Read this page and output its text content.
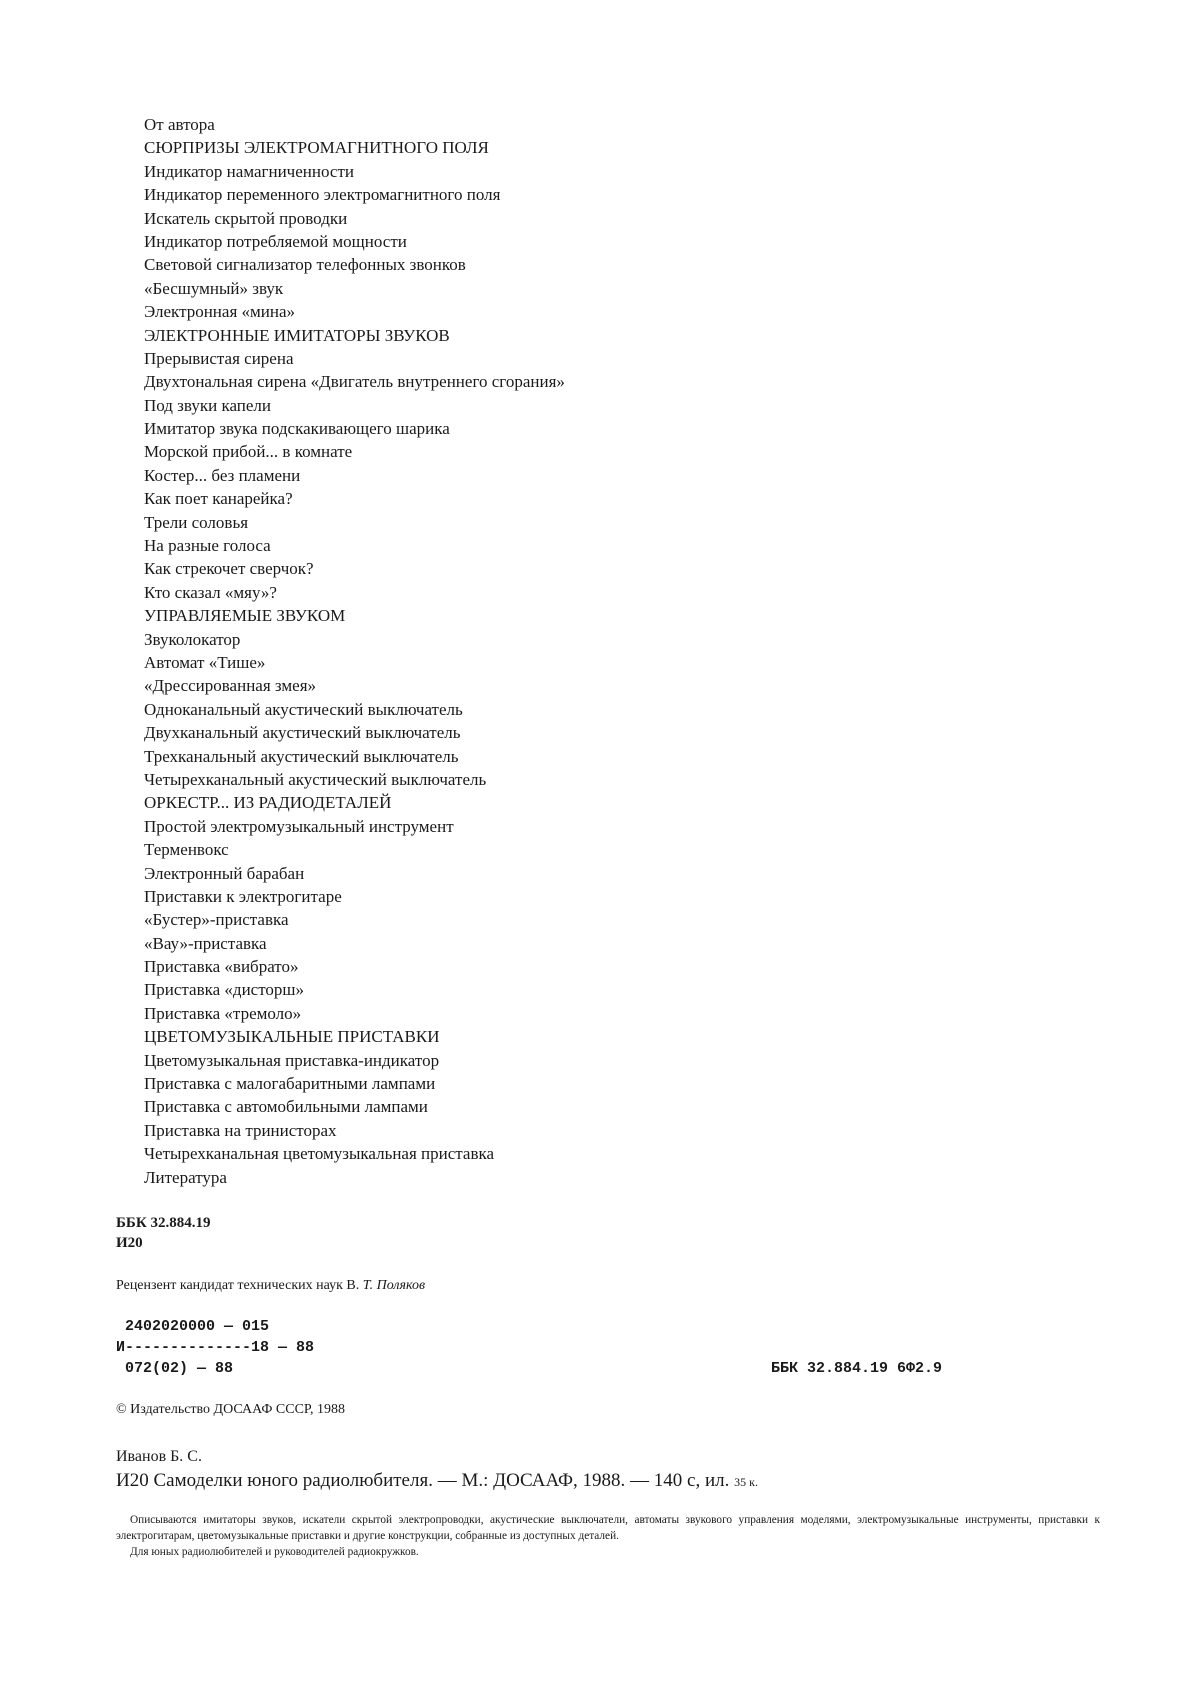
От автора
СЮРПРИЗЫ ЭЛЕКТРОМАГНИТНОГО ПОЛЯ
Индикатор намагниченности
Индикатор переменного электромагнитного поля
Искатель скрытой проводки
Индикатор потребляемой мощности
Световой сигнализатор телефонных звонков
«Бесшумный» звук
Электронная «мина»
ЭЛЕКТРОННЫЕ ИМИТАТОРЫ ЗВУКОВ
Прерывистая сирена
Двухтональная сирена «Двигатель внутреннего сгорания»
Под звуки капели
Имитатор звука подскакивающего шарика
Морской прибой... в комнате
Костер... без пламени
Как поет канарейка?
Трели соловья
На разные голоса
Как стрекочет сверчок?
Кто сказал «мяу»?
УПРАВЛЯЕМЫЕ ЗВУКОМ
Звуколокатор
Автомат «Тише»
«Дрессированная змея»
Одноканальный акустический выключатель
Двухканальный акустический выключатель
Трехканальный акустический выключатель
Четырехканальный акустический выключатель
ОРКЕСТР... ИЗ РАДИОДЕТАЛЕЙ
Простой электромузыкальный инструмент
Терменвокс
Электронный барабан
Приставки к электрогитаре
«Бустер»-приставка
«Вау»-приставка
Приставка «вибрато»
Приставка «дисторш»
Приставка «тремоло»
ЦВЕТОМУЗЫКАЛЬНЫЕ ПРИСТАВКИ
Цветомузыкальная приставка-индикатор
Приставка с малогабаритными лампами
Приставка с автомобильными лампами
Приставка на тринисторах
Четырехканальная цветомузыкальная приставка
Литература
ББК 32.884.19
И20
Рецензент кандидат технических наук В. Т. Поляков
2402020000 — 015
И--------------18 — 88
072(02) — 88	ББК 32.884.19 6Ф2.9
© Издательство ДОСААФ СССР, 1988
Иванов Б. С.
И20 Самоделки юного радиолюбителя. — М.: ДОСААФ, 1988. — 140 с, ил. 35 к.

Описываются имитаторы звуков, искатели скрытой электропроводки, акустические выключатели, автоматы звукового управления моделями, электромузыкальные инструменты, приставки к электрогитарам, цветомузыкальные приставки и другие конструкции, собранные из доступных деталей.

Для юных радиолюбителей и руководителей радиокружков.
